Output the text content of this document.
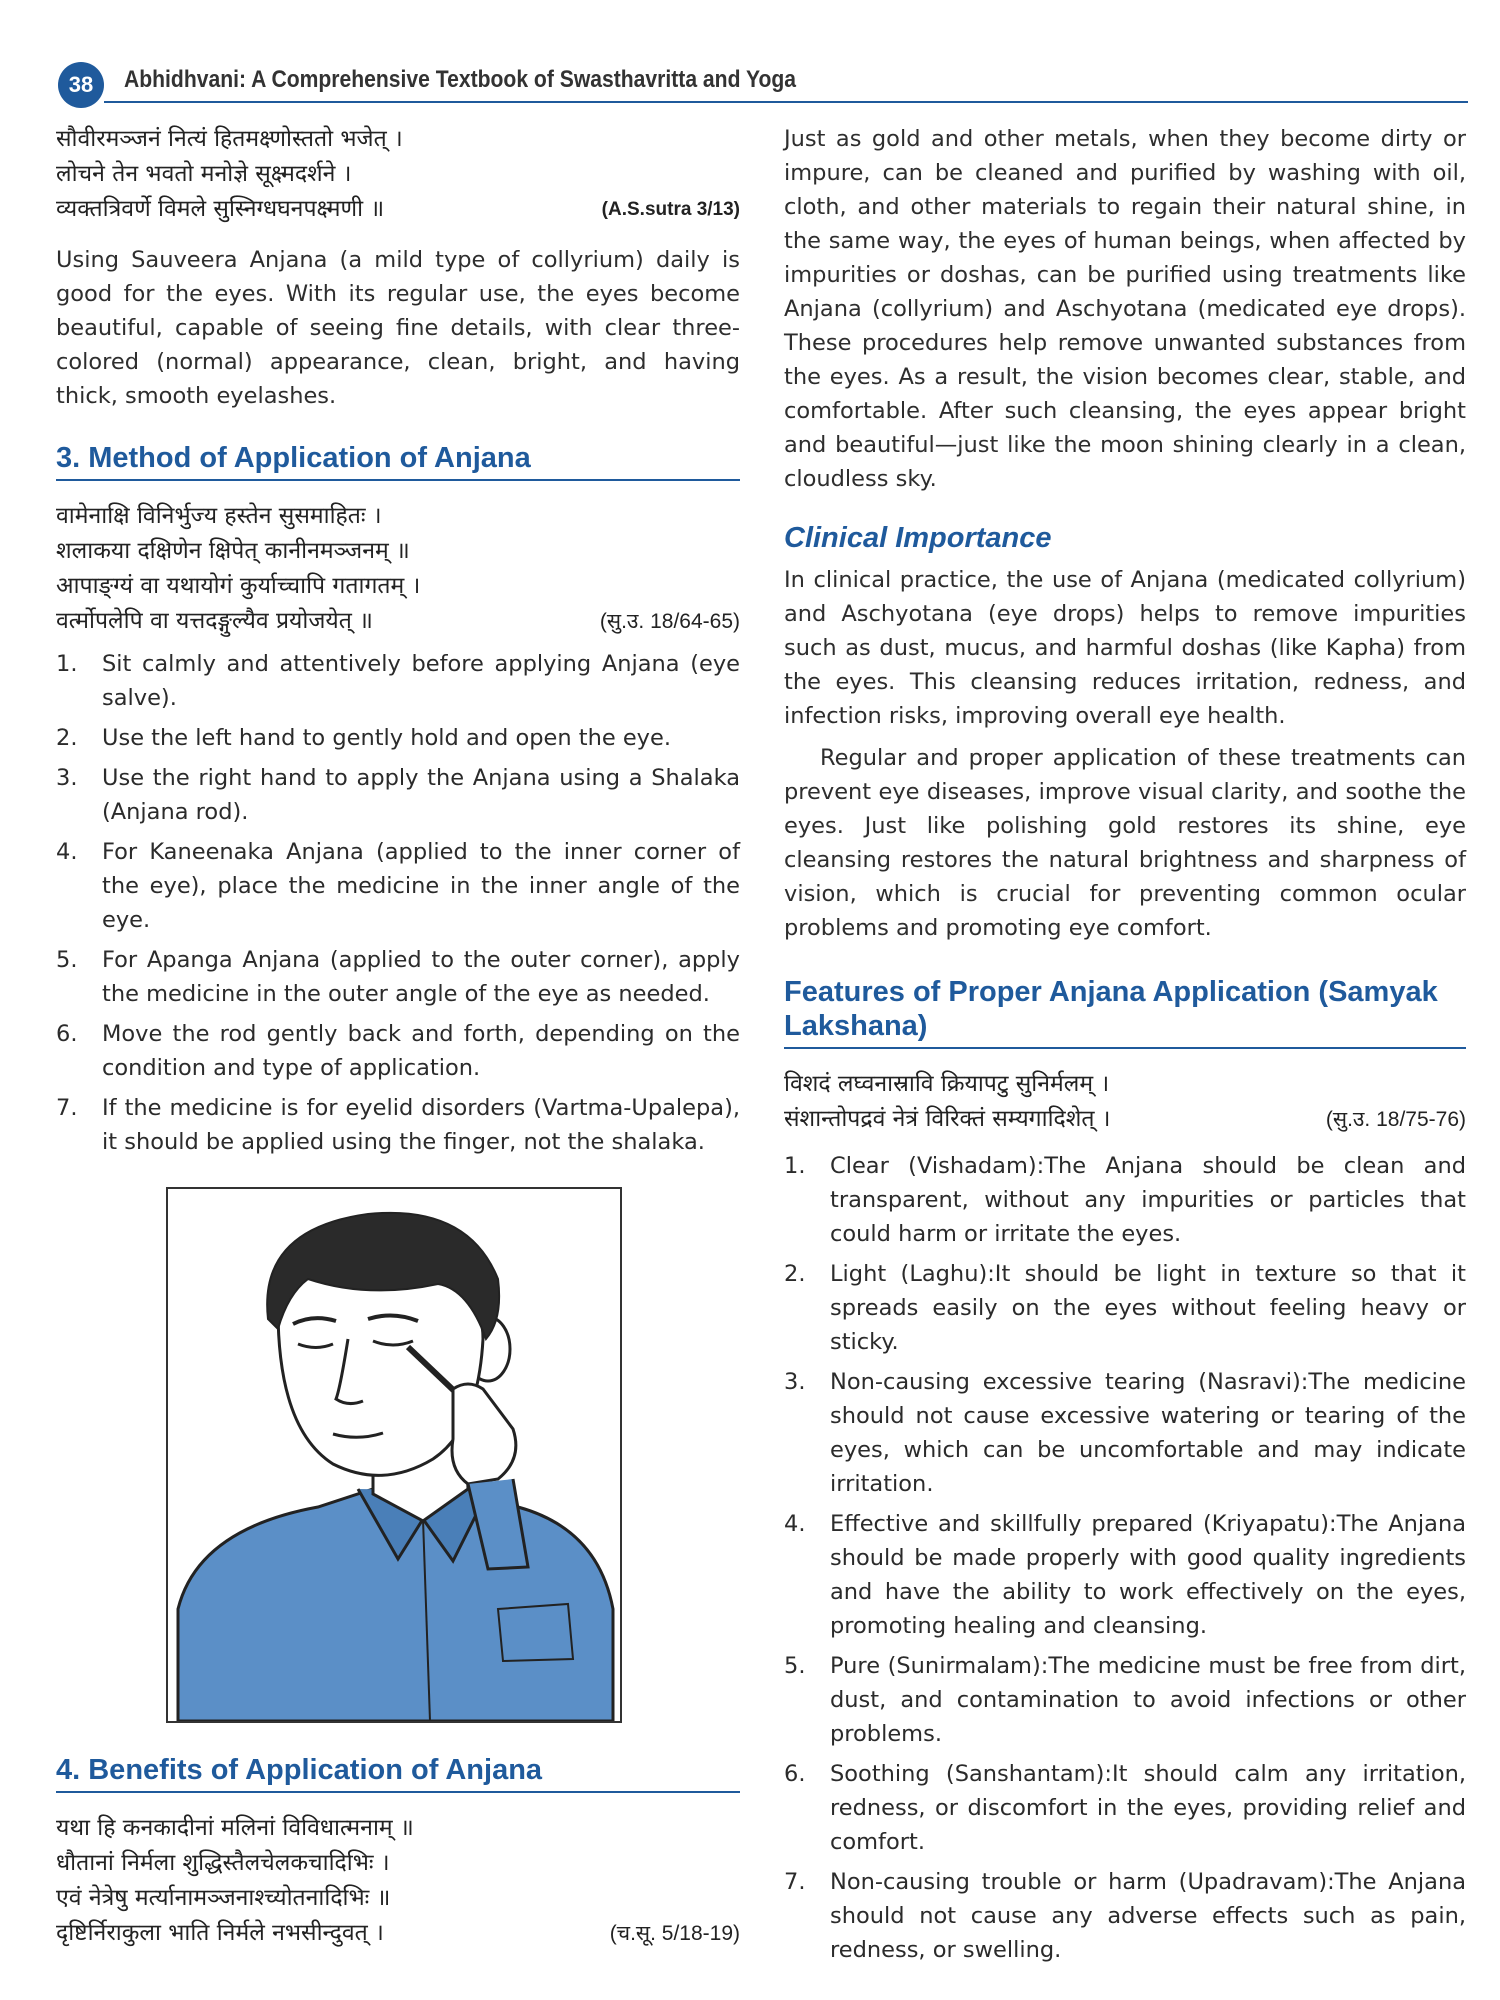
38	Abhidhvani: A Comprehensive Textbook of Swasthavritta and Yoga
सौवीरमञ्जनं नित्यं हितमक्ष्णोस्ततो भजेत् ।
लोचने तेन भवतो मनोज्ञे सूक्ष्मदर्शने ।
व्यक्तत्रिवर्णे विमले सुस्निग्धघनपक्ष्मणी ॥	(A.S.sutra 3/13)

Using Sauveera Anjana (a mild type of collyrium) daily is good for the eyes. With its regular use, the eyes become beautiful, capable of seeing fine details, with clear three-colored (normal) appearance, clean, bright, and having thick, smooth eyelashes.

3. Method of Application of Anjana
वामेनाक्षि विनिर्भुज्य हस्तेन सुसमाहितः ।
शलाकया दक्षिणेन क्षिपेत् कानीनमञ्जनम् ॥
आपाङ्ग्यं वा यथायोगं कुर्याच्चापि गतागतम् ।
वर्त्मोपलेपि वा यत्तदङ्गुल्यैव प्रयोजयेत् ॥	(सु.उ. 18/64-65)
1.	Sit calmly and attentively before applying Anjana (eye salve).
2.	Use the left hand to gently hold and open the eye.
3.	Use the right hand to apply the Anjana using a Shalaka (Anjana rod).
4.	For Kaneenaka Anjana (applied to the inner corner of the eye), place the medicine in the inner angle of the eye.
5.	For Apanga Anjana (applied to the outer corner), apply the medicine in the outer angle of the eye as needed.
6.	Move the rod gently back and forth, depending on the condition and type of application.
7.	If the medicine is for eyelid disorders (Vartma-Upalepa), it should be applied using the finger, not the shalaka.
4. Benefits of Application of Anjana
यथा हि कनकादीनां मलिनां विविधात्मनाम् ॥
धौतानां निर्मला शुद्धिस्तैलचेलकचादिभिः ।
एवं नेत्रेषु मर्त्यानामञ्जनाश्च्योतनादिभिः ॥
दृष्टिर्निराकुला भाति निर्मले नभसीन्दुवत् ।	(च.सू. 5/18-19)

Just as gold and other metals, when they become dirty or impure, can be cleaned and purified by washing with oil, cloth, and other materials to regain their natural shine, in the same way, the eyes of human beings, when affected by impurities or doshas, can be purified using treatments like Anjana (collyrium) and Aschyotana (medicated eye drops). These procedures help remove unwanted substances from the eyes. As a result, the vision becomes clear, stable, and comfortable. After such cleansing, the eyes appear bright and beautiful—just like the moon shining clearly in a clean, cloudless sky.

Clinical Importance

In clinical practice, the use of Anjana (medicated collyrium) and Aschyotana (eye drops) helps to remove impurities such as dust, mucus, and harmful doshas (like Kapha) from the eyes. This cleansing reduces irritation, redness, and infection risks, improving overall eye health.

Regular and proper application of these treatments can prevent eye diseases, improve visual clarity, and soothe the eyes. Just like polishing gold restores its shine, eye cleansing restores the natural brightness and sharpness of vision, which is crucial for preventing common ocular problems and promoting eye comfort.

Features of Proper Anjana Application (Samyak Lakshana)
विशदं लघ्वनास्रावि क्रियापटु सुनिर्मलम् ।
संशान्तोपद्रवं नेत्रं विरिक्तं सम्यगादिशेत् ।	(सु.उ. 18/75-76)
1.	Clear (Vishadam):The Anjana should be clean and transparent, without any impurities or particles that could harm or irritate the eyes.
2.	Light (Laghu):It should be light in texture so that it spreads easily on the eyes without feeling heavy or sticky.
3.	Non-causing excessive tearing (Nasravi):The medicine should not cause excessive watering or tearing of the eyes, which can be uncomfortable and may indicate irritation.
4.	Effective and skillfully prepared (Kriyapatu):The Anjana should be made properly with good quality ingredients and have the ability to work effectively on the eyes, promoting healing and cleansing.
5.	Pure (Sunirmalam):The medicine must be free from dirt, dust, and contamination to avoid infections or other problems.
6.	Soothing (Sanshantam):It should calm any irritation, redness, or discomfort in the eyes, providing relief and comfort.
7.	Non-causing trouble or harm (Upadravam):The Anjana should not cause any adverse effects such as pain, redness, or swelling.
